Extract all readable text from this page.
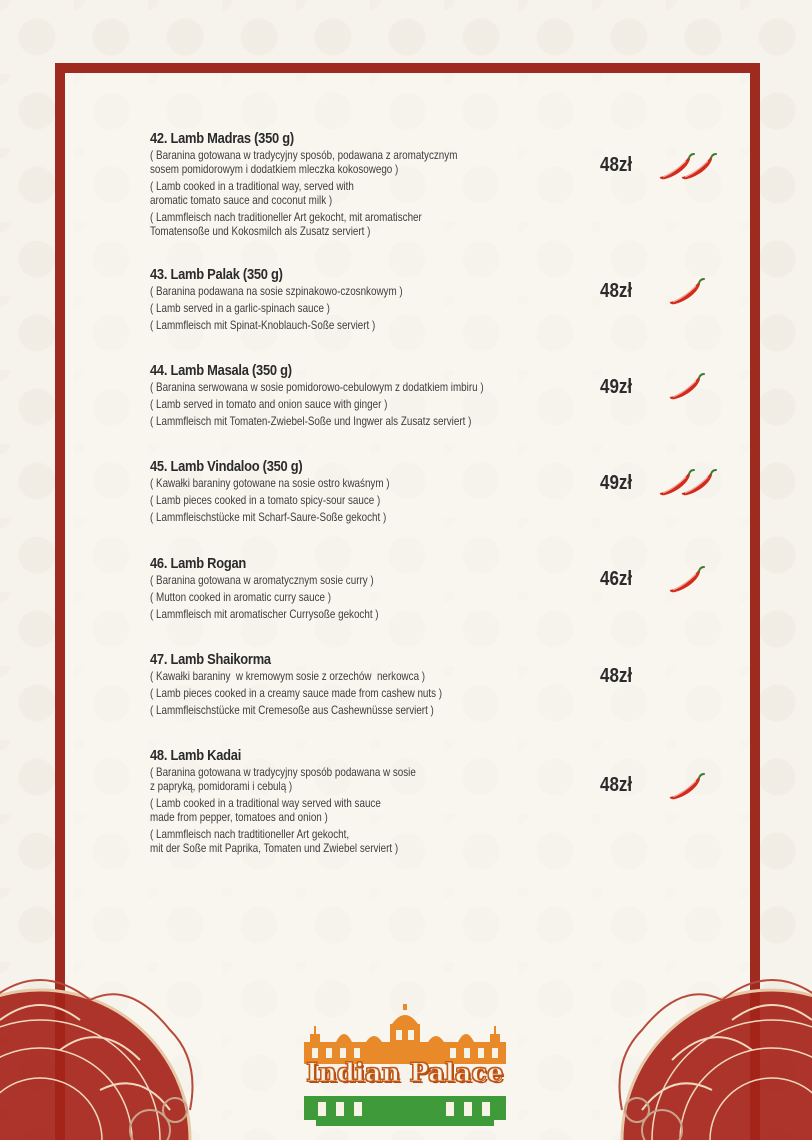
42. Lamb Madras (350 g)
( Baranina gotowana w tradycyjny sposób, podawana z aromatycznym
sosem pomidorowym i dodatkiem mleczka kokosowego )
( Lamb cooked in a traditional way, served with
aromatic tomato sauce and coconut milk )
( Lammfleisch nach traditioneller Art gekocht, mit aromatischer
Tomatensoße und Kokosmilch als Zusatz serviert )
48zł
43. Lamb Palak (350 g)
( Baranina podawana na sosie szpinakowo-czosnkowym )
( Lamb served in a garlic-spinach sauce )
( Lammfleisch mit Spinat-Knoblauch-Soße serviert )
48zł
44. Lamb Masala (350 g)
( Baranina serwowana w sosie pomidorowo-cebulowym z dodatkiem imbiru )
( Lamb served in tomato and onion sauce with ginger )
( Lammfleisch mit Tomaten-Zwiebel-Soße und Ingwer als Zusatz serviert )
49zł
45. Lamb Vindaloo (350 g)
( Kawałki baraniny gotowane na sosie ostro kwaśnym )
( Lamb pieces cooked in a tomato spicy-sour sauce )
( Lammfleischstücke mit Scharf-Saure-Soße gekocht )
49zł
46. Lamb Rogan
( Baranina gotowana w aromatycznym sosie curry )
( Mutton cooked in aromatic curry sauce )
( Lammfleisch mit aromatischer Currysoße gekocht )
46zł
47. Lamb Shaikorma
( Kawałki baraniny  w kremowym sosie z orzechów  nerkowca )
( Lamb pieces cooked in a creamy sauce made from cashew nuts )
( Lammfleischstücke mit Cremesoße aus Cashewnüsse serviert )
48zł
48. Lamb Kadai
( Baranina gotowana w tradycyjny sposób podawana w sosie
z papryką, pomidorami i cebulą )
( Lamb cooked in a traditional way served with sauce
made from pepper, tomatoes and onion )
( Lammfleisch nach tradtitioneller Art gekocht,
mit der Soße mit Paprika, Tomaten und Zwiebel serviert )
48zł
Indian Palace
